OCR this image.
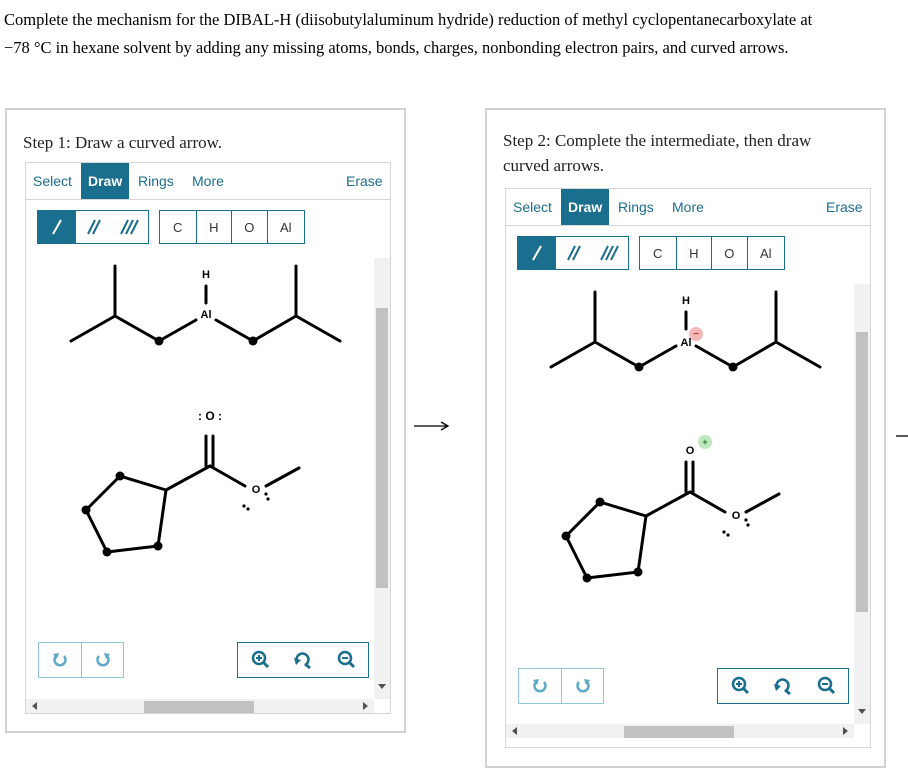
Complete the mechanism for the DIBAL-H (diisobutylaluminum hydride) reduction of methyl cyclopentanecarboxylate at
−78 °C in hexane solvent by adding any missing atoms, bonds, charges, nonbonding electron pairs, and curved arrows.
Step 1: Draw a curved arrow.
Select	Draw	Rings More	Erase
C	H	O	Al
H
Al
: O :
O
Step 2: Complete the intermediate, then draw
curved arrows.
Select	Draw	Rings More	Erase
C	H	O	Al
H
−
Al
O
+
O
